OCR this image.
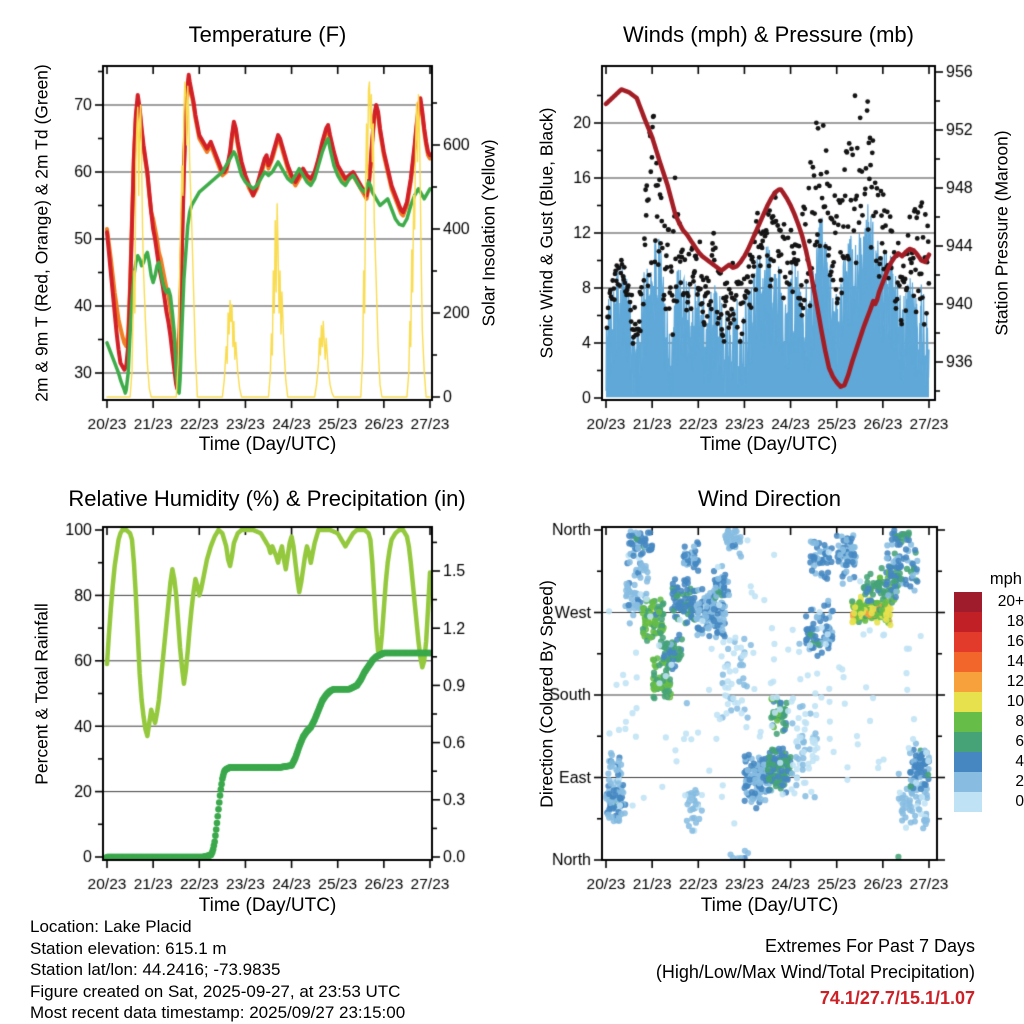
Temperature (F)	Winds (mph) & Pressure (mb)
Relative Humidity (%) & Precipitation (in)	Wind Direction
2m & 9m T (Red, Orange) & 2m Td (Green)	Solar Insolation (Yellow) Sonic Wind & Gust (Blue, Black)	Station Pressure (Maroon)
Percent & Total Rainfall	Direction (Colored By Speed)
Time (Day/UTC)	Time (Day/UTC)
Time (Day/UTC)	Time (Day/UTC)
Location: Lake Placid
Station elevation: 615.1 m
Station lat/lon: 44.2416; -73.9835
Figure created on Sat, 2025-09-27, at 23:53 UTC
Most recent data timestamp: 2025/09/27 23:15:00
Extremes For Past 7 Days
(High/Low/Max Wind/Total Precipitation)
74.1/27.7/15.1/1.07
mph
20+
18
16
14
12
10
8
6
4
2
0
